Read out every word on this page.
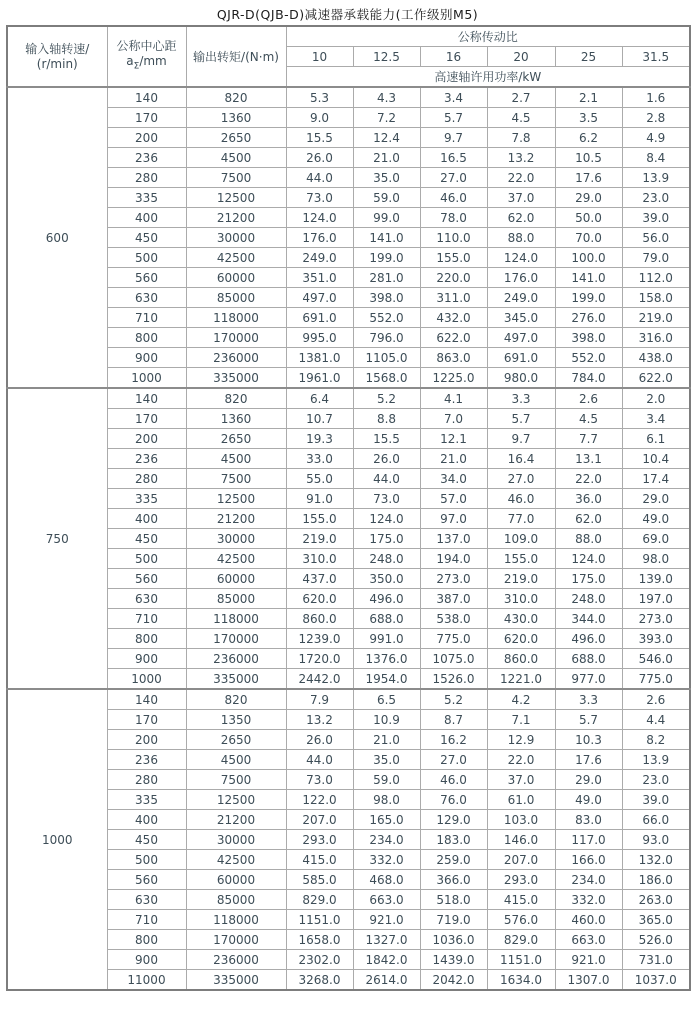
QJR-D(QJB-D)减速器承载能力(工作级别M5)
输入轴转速/
(r/min)	公称中心距
$a_\Sigma/mm$	输出转矩/(N·m)	公称传动比					
			10	12.5	16	20	25	31.5
			高速轴许用功率/kW					
600	140	820	5.3	4.3	3.4	2.7	2.1	1.6
	170	1360	9.0	7.2	5.7	4.5	3.5	2.8
	200	2650	15.5	12.4	9.7	7.8	6.2	4.9
	236	4500	26.0	21.0	16.5	13.2	10.5	8.4
	280	7500	44.0	35.0	27.0	22.0	17.6	13.9
	335	12500	73.0	59.0	46.0	37.0	29.0	23.0
	400	21200	124.0	99.0	78.0	62.0	50.0	39.0
	450	30000	176.0	141.0	110.0	88.0	70.0	56.0
	500	42500	249.0	199.0	155.0	124.0	100.0	79.0
	560	60000	351.0	281.0	220.0	176.0	141.0	112.0
	630	85000	497.0	398.0	311.0	249.0	199.0	158.0
	710	118000	691.0	552.0	432.0	345.0	276.0	219.0
	800	170000	995.0	796.0	622.0	497.0	398.0	316.0
	900	236000	1381.0	1105.0	863.0	691.0	552.0	438.0
	1000	335000	1961.0	1568.0	1225.0	980.0	784.0	622.0
750	140	820	6.4	5.2	4.1	3.3	2.6	2.0
	170	1360	10.7	8.8	7.0	5.7	4.5	3.4
	200	2650	19.3	15.5	12.1	9.7	7.7	6.1
	236	4500	33.0	26.0	21.0	16.4	13.1	10.4
	280	7500	55.0	44.0	34.0	27.0	22.0	17.4
	335	12500	91.0	73.0	57.0	46.0	36.0	29.0
	400	21200	155.0	124.0	97.0	77.0	62.0	49.0
	450	30000	219.0	175.0	137.0	109.0	88.0	69.0
	500	42500	310.0	248.0	194.0	155.0	124.0	98.0
	560	60000	437.0	350.0	273.0	219.0	175.0	139.0
	630	85000	620.0	496.0	387.0	310.0	248.0	197.0
	710	118000	860.0	688.0	538.0	430.0	344.0	273.0
	800	170000	1239.0	991.0	775.0	620.0	496.0	393.0
	900	236000	1720.0	1376.0	1075.0	860.0	688.0	546.0
	1000	335000	2442.0	1954.0	1526.0	1221.0	977.0	775.0
1000	140	820	7.9	6.5	5.2	4.2	3.3	2.6
	170	1350	13.2	10.9	8.7	7.1	5.7	4.4
	200	2650	26.0	21.0	16.2	12.9	10.3	8.2
	236	4500	44.0	35.0	27.0	22.0	17.6	13.9
	280	7500	73.0	59.0	46.0	37.0	29.0	23.0
	335	12500	122.0	98.0	76.0	61.0	49.0	39.0
	400	21200	207.0	165.0	129.0	103.0	83.0	66.0
	450	30000	293.0	234.0	183.0	146.0	117.0	93.0
	500	42500	415.0	332.0	259.0	207.0	166.0	132.0
	560	60000	585.0	468.0	366.0	293.0	234.0	186.0
	630	85000	829.0	663.0	518.0	415.0	332.0	263.0
	710	118000	1151.0	921.0	719.0	576.0	460.0	365.0
	800	170000	1658.0	1327.0	1036.0	829.0	663.0	526.0
	900	236000	2302.0	1842.0	1439.0	1151.0	921.0	731.0
	11000	335000	3268.0	2614.0	2042.0	1634.0	1307.0	1037.0
